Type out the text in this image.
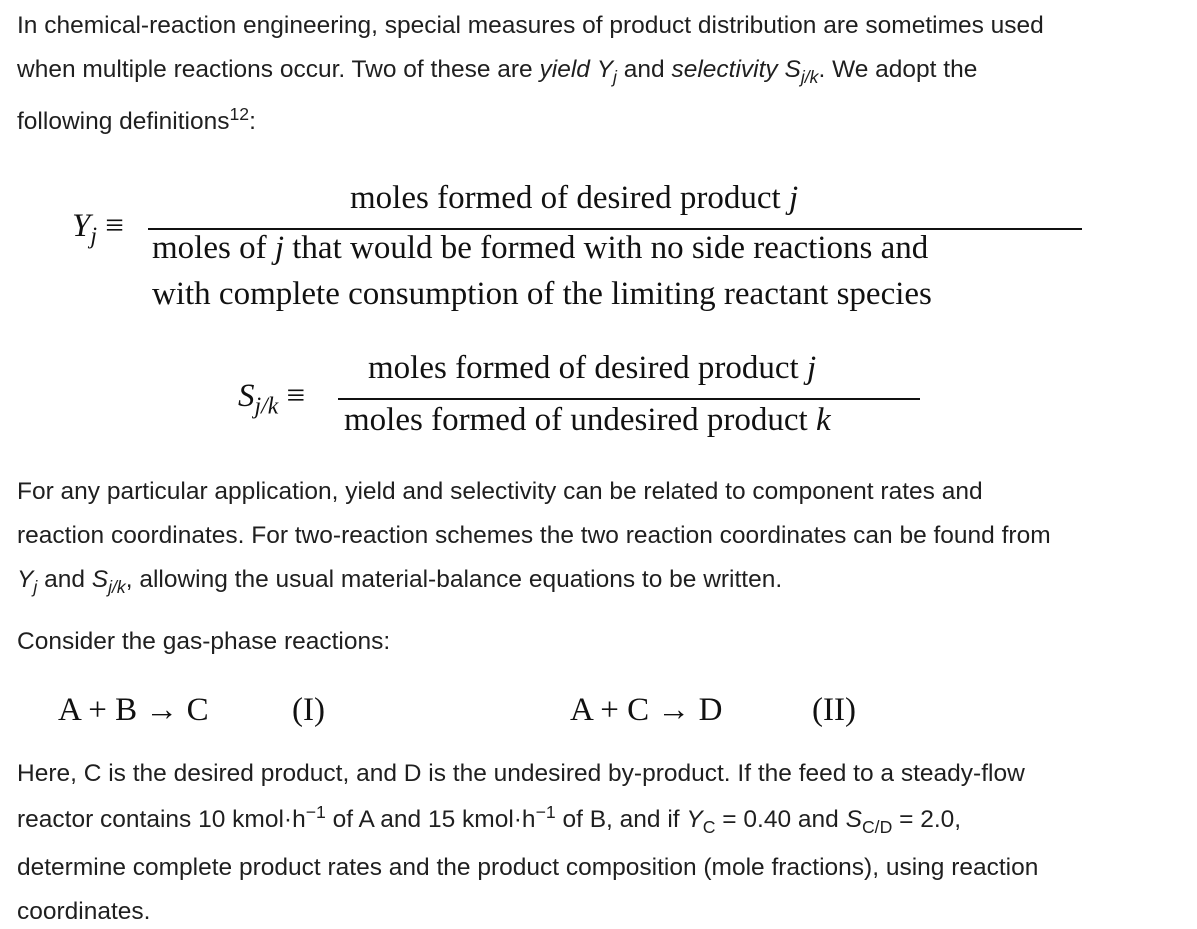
In chemical-reaction engineering, special measures of product distribution are sometimes used
when multiple reactions occur. Two of these are yield $Y_j$ and selectivity $S_{j/k}$. We adopt the
following definitions$^{12}$:
$Y_j$ ≡
moles formed of desired product j
moles of j that would be formed with no side reactions and
with complete consumption of the limiting reactant species
$S_{j/k}$ ≡
moles formed of desired product j
moles formed of undesired product k
For any particular application, yield and selectivity can be related to component rates and
reaction coordinates. For two-reaction schemes the two reaction coordinates can be found from
$Y_j$ and $S_{j/k}$, allowing the usual material-balance equations to be written.
Consider the gas-phase reactions:
A + B → C	(I)	A + C → D	(II)
Here, C is the desired product, and D is the undesired by-product. If the feed to a steady-flow
reactor contains 10 $kmol\cdot h^{-1}$ of A and 15 $kmol\cdot h^{-1}$ of B, and if $Y_C = 0.40$ and $S_{C/D} = 2.0$,
determine complete product rates and the product composition (mole fractions), using reaction
coordinates.
